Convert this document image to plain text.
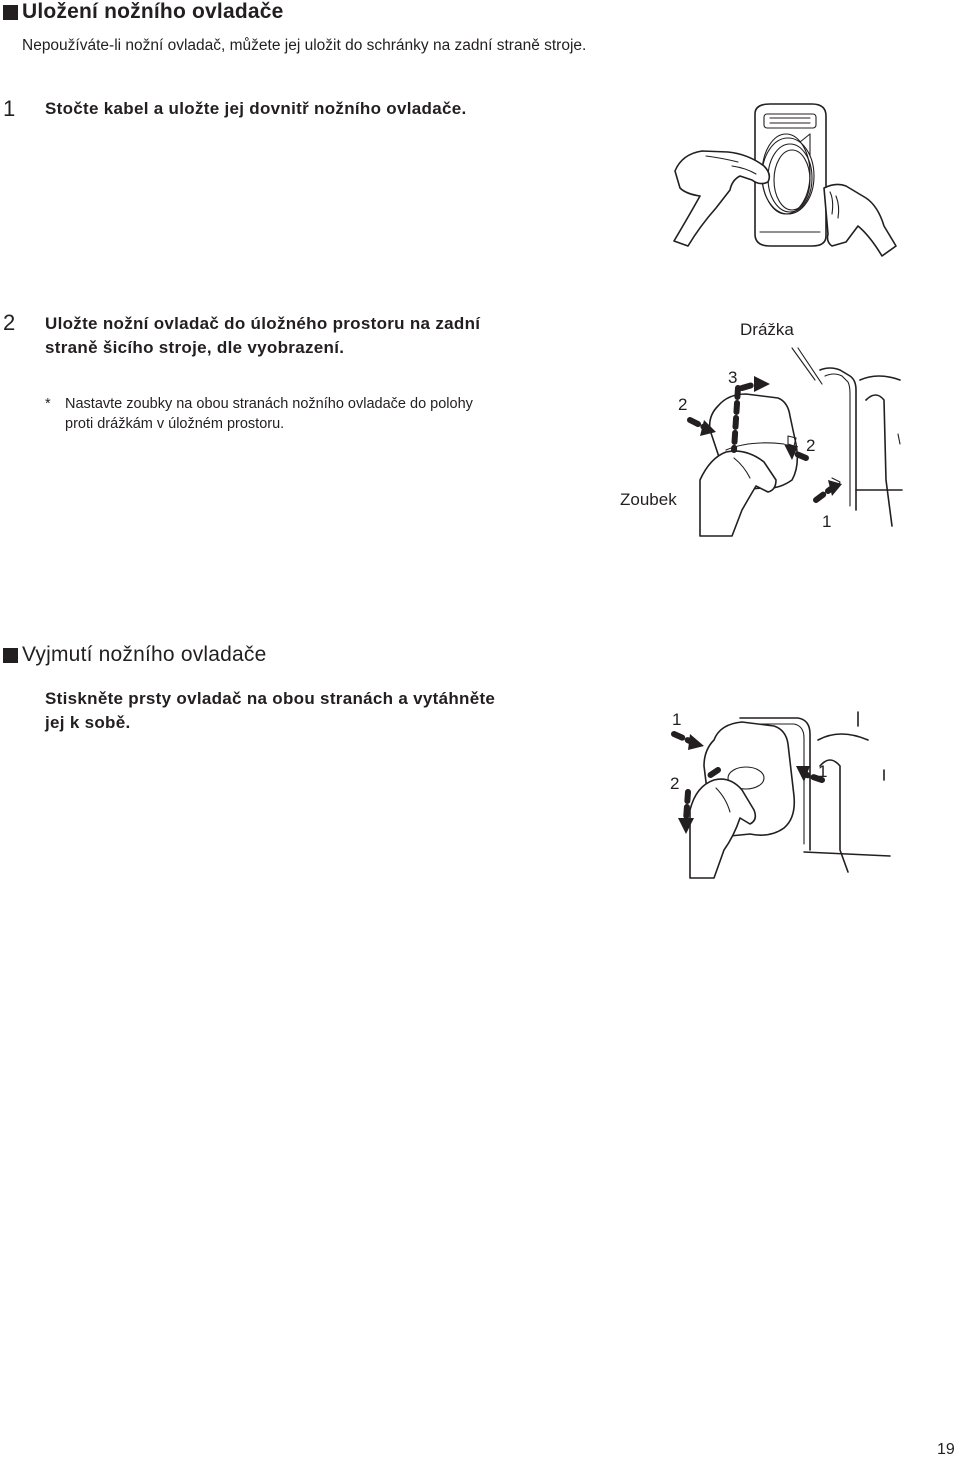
Uložení nožního ovladače
Nepoužíváte-li nožní ovladač, můžete jej uložit do schránky na zadní straně stroje.
1 Stočte kabel a uložte jej dovnitř nožního ovladače.
2 Uložte nožní ovladač do úložného prostoru na zadní
straně šicího stroje, dle vyobrazení.
* Nastavte zoubky na obou stranách nožního ovladače do polohy
proti drážkám v úložném prostoru.
Drážka
Zoubek
2
3
2
1
Vyjmutí nožního ovladače
Stiskněte prsty ovladač na obou stranách a vytáhněte
jej k sobě.	1
1
2
19
